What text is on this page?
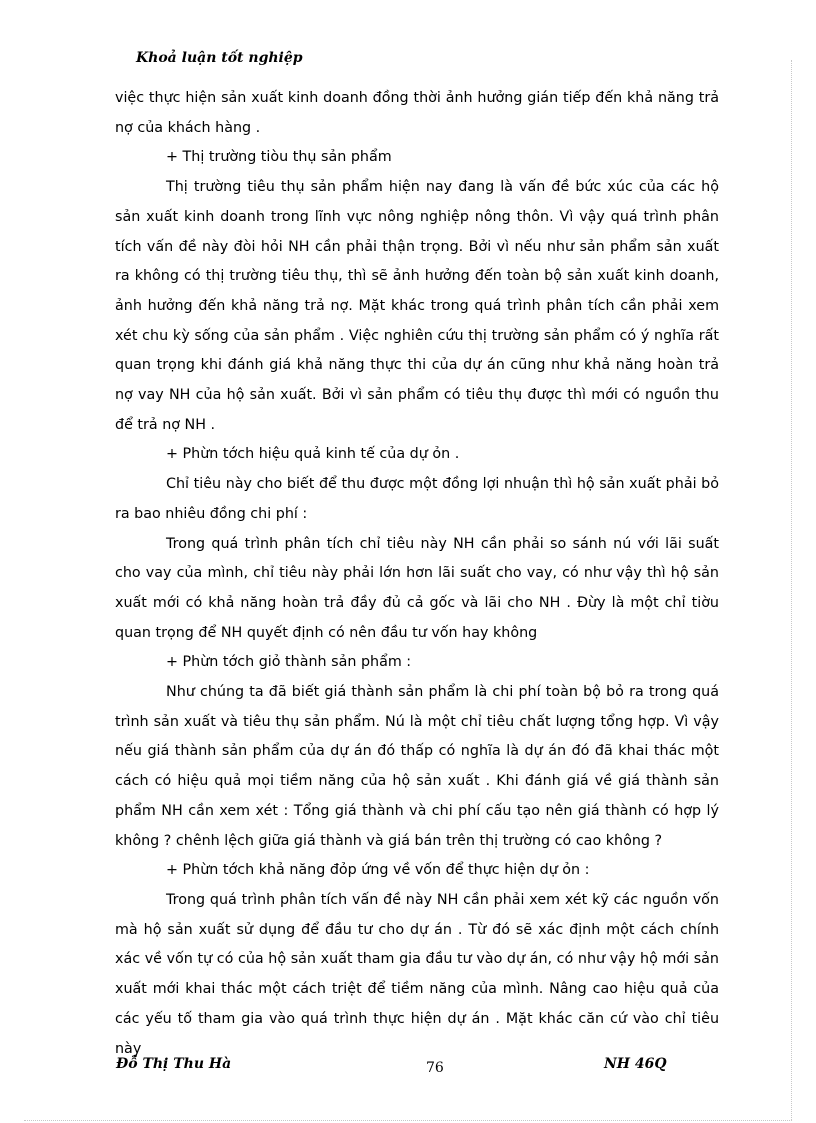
Khoả luận tốt nghiệp

việc thực hiện sản xuất kinh doanh đồng thời ảnh hưởng gián tiếp đến khả năng trả nợ của khách hàng .

+ Thị trường tiòu thụ sản phẩm

Thị trường tiêu thụ sản phẩm hiện nay đang là vấn đề bức xúc của các hộ sản xuất kinh doanh trong lĩnh vực nông nghiệp nông thôn. Vì vậy quá trình phân tích vấn đề này đòi hỏi NH cần phải thận trọng. Bởi vì nếu như sản phẩm sản xuất ra không có thị trường tiêu thụ, thì sẽ ảnh hưởng đến toàn bộ sản xuất kinh doanh, ảnh hưởng đến khả năng trả nợ. Mặt khác trong quá trình phân tích cần phải xem xét chu kỳ sống của sản phẩm . Việc nghiên cứu thị trường sản phẩm có ý nghĩa rất quan trọng khi đánh giá khả năng thực thi của dự án cũng như khả năng hoàn trả nợ vay NH của hộ sản xuất. Bởi vì sản phẩm có tiêu thụ được thì mới có nguồn thu để trả nợ NH .

+ Phừn tớch hiệu quả kinh tế của dự ỏn .

Chỉ tiêu này cho biết để thu được một đồng lợi nhuận thì hộ sản xuất phải bỏ ra bao nhiêu đồng chi phí :

Trong quá trình phân tích chỉ tiêu này NH cần phải so sánh nú với lãi suất cho vay của mình, chỉ tiêu này phải lớn hơn lãi suất cho vay, có như vậy thì hộ sản xuất mới có khả năng hoàn trả đầy đủ cả gốc và lãi cho NH . Đừy là một chỉ tiờu quan trọng để NH quyết định có nên đầu tư vốn hay không

+ Phừn tớch giỏ thành sản phẩm :

Như chúng ta đã biết giá thành sản phẩm là chi phí toàn bộ bỏ ra trong quá trình sản xuất và tiêu thụ sản phẩm. Nú là một chỉ tiêu chất lượng tổng hợp. Vì vậy nếu giá thành sản phẩm của dự án đó thấp có nghĩa là dự án đó đã khai thác một cách có hiệu quả mọi tiềm năng của hộ sản xuất . Khi đánh giá về giá thành sản phẩm NH cần xem xét : Tổng giá thành và chi phí cấu tạo nên giá thành có hợp lý không ? chênh lệch giữa giá thành và giá bán trên thị trường có cao không ?

+ Phừn tớch khả năng đỏp ứng về vốn để thực hiện dự ỏn :

Trong quá trình phân tích vấn đề này NH cần phải xem xét kỹ các nguồn vốn mà hộ sản xuất sử dụng để đầu tư cho dự án . Từ đó sẽ xác định một cách chính xác về vốn tự có của hộ sản xuất tham gia đầu tư vào dự án, có như vậy hộ mới sản xuất mới khai thác một cách triệt để tiềm năng của mình. Nâng cao hiệu quả của các yếu tố tham gia vào quá trình thực hiện dự án . Mặt khác căn cứ vào chỉ tiêu này

Đỗ Thị Thu Hà	76	NH 46Q
